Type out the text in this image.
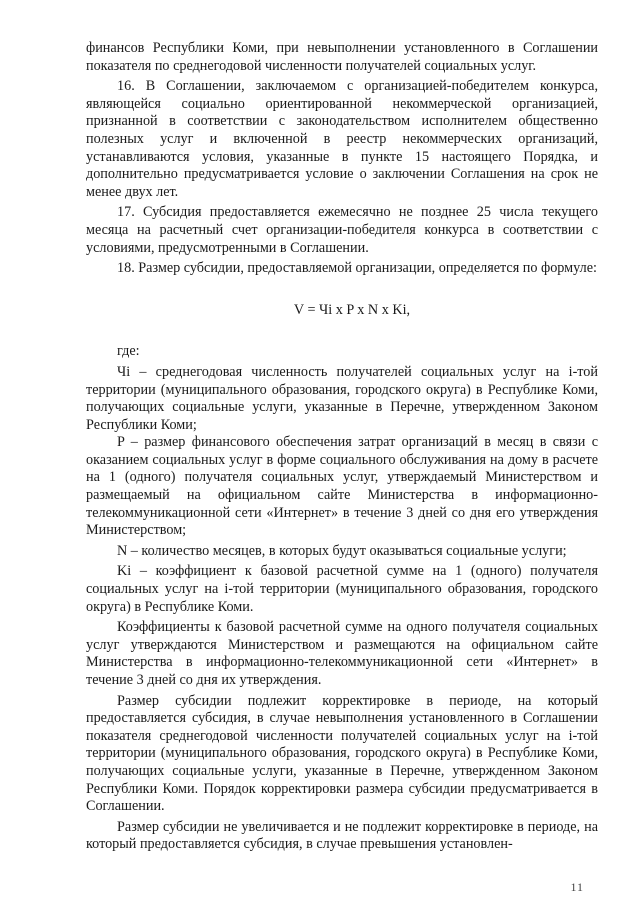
финансов Республики Коми, при невыполнении установленного в Соглашении показателя по среднегодовой численности получателей социальных услуг.

16. В Соглашении, заключаемом с организацией-победителем конкурса, являющейся социально ориентированной некоммерческой организацией, признанной в соответствии с законодательством исполнителем общественно полезных услуг и включенной в реестр некоммерческих организаций, устанавливаются условия, указанные в пункте 15 настоящего Порядка, и дополнительно предусматривается условие о заключении Соглашения на срок не менее двух лет.

17. Субсидия предоставляется ежемесячно не позднее 25 числа текущего месяца на расчетный счет организации-победителя конкурса в соответствии с условиями, предусмотренными в Соглашении.

18. Размер субсидии, предоставляемой организации, определяется по формуле:

V = Чi x P x N x Ki,

где:

Чi – среднегодовая численность получателей социальных услуг на i-той территории (муниципального образования, городского округа) в Республике Коми, получающих социальные услуги, указанные в Перечне, утвержденном Законом Республики Коми;

P – размер финансового обеспечения затрат организаций в месяц в связи с оказанием социальных услуг в форме социального обслуживания на дому в расчете на 1 (одного) получателя социальных услуг, утверждаемый Министерством и размещаемый на официальном сайте Министерства в информационно-телекоммуникационной сети «Интернет» в течение 3 дней со дня его утверждения Министерством;

N – количество месяцев, в которых будут оказываться социальные услуги;

Ki – коэффициент к базовой расчетной сумме на 1 (одного) получателя социальных услуг на i-той территории (муниципального образования, городского округа) в Республике Коми.

Коэффициенты к базовой расчетной сумме на одного получателя социальных услуг утверждаются Министерством и размещаются на официальном сайте Министерства в информационно-телекоммуникационной сети «Интернет» в течение 3 дней со дня их утверждения.

Размер субсидии подлежит корректировке в периоде, на который предоставляется субсидия, в случае невыполнения установленного в Соглашении показателя среднегодовой численности получателей социальных услуг на i-той территории (муниципального образования, городского округа) в Республике Коми, получающих социальные услуги, указанные в Перечне, утвержденном Законом Республики Коми. Порядок корректировки размера субсидии предусматривается в Соглашении.

Размер субсидии не увеличивается и не подлежит корректировке в периоде, на который предоставляется субсидия, в случае превышения установлен-

11
